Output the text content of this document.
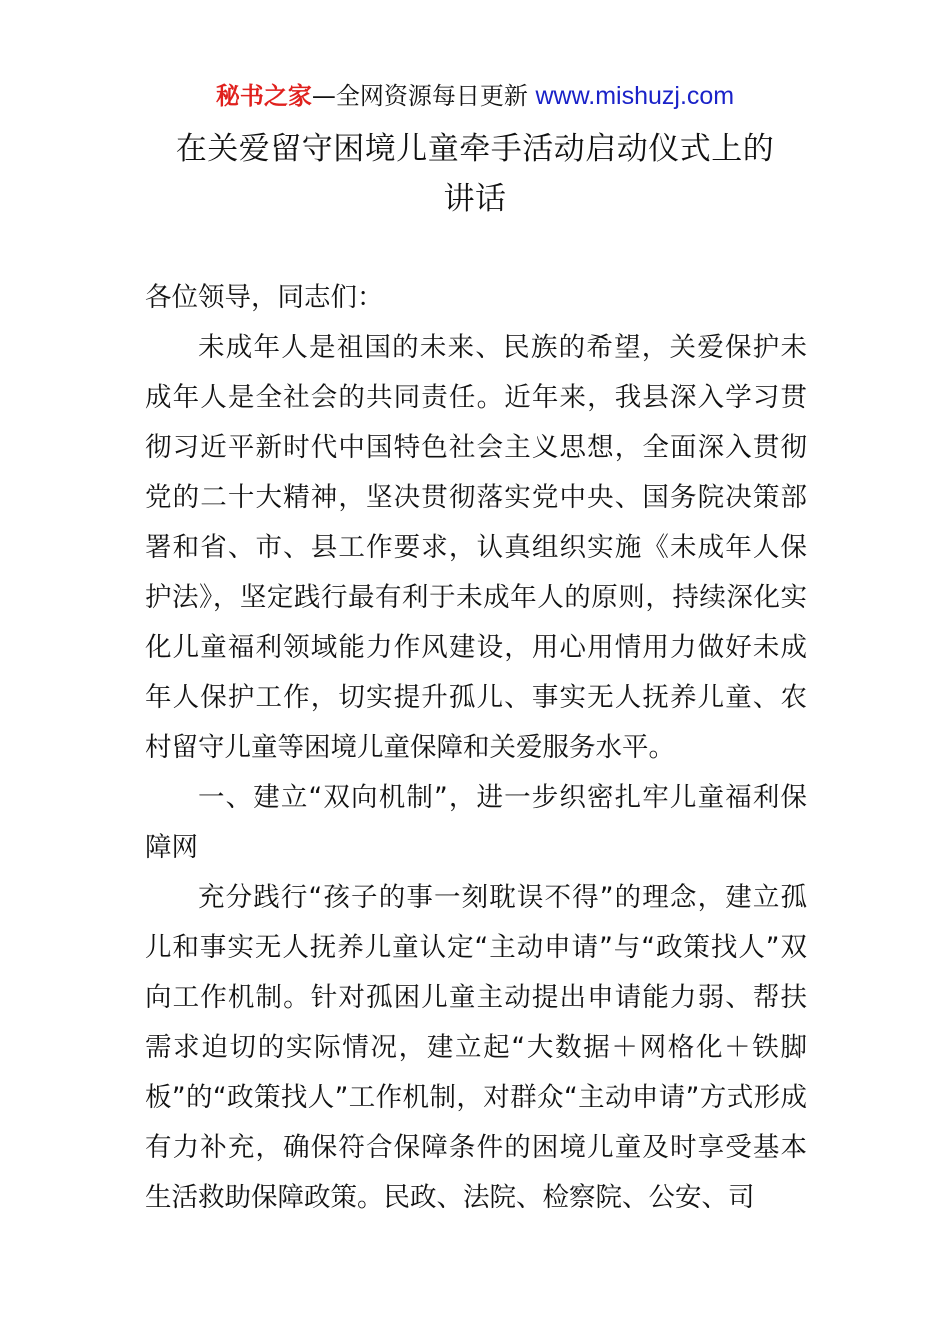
秘书之家—全网资源每日更新 www.mishuzj.com
在关爱留守困境儿童牵手活动启动仪式上的
讲话

各位领导，同志们：

未成年人是祖国的未来、民族的希望，关爱保护未成年人是全社会的共同责任。近年来，我县深入学习贯彻习近平新时代中国特色社会主义思想，全面深入贯彻党的二十大精神，坚决贯彻落实党中央、国务院决策部署和省、市、县工作要求，认真组织实施《未成年人保护法》，坚定践行最有利于未成年人的原则，持续深化实化儿童福利领域能力作风建设，用心用情用力做好未成年人保护工作，切实提升孤儿、事实无人抚养儿童、农村留守儿童等困境儿童保障和关爱服务水平。

一、建立“双向机制”，进一步织密扎牢儿童福利保障网

充分践行“孩子的事一刻耽误不得”的理念，建立孤儿和事实无人抚养儿童认定“主动申请”与“政策找人”双向工作机制。针对孤困儿童主动提出申请能力弱、帮扶需求迫切的实际情况，建立起“大数据＋网格化＋铁脚板”的“政策找人”工作机制，对群众“主动申请”方式形成有力补充，确保符合保障条件的困境儿童及时享受基本生活救助保障政策。民政、法院、检察院、公安、司
